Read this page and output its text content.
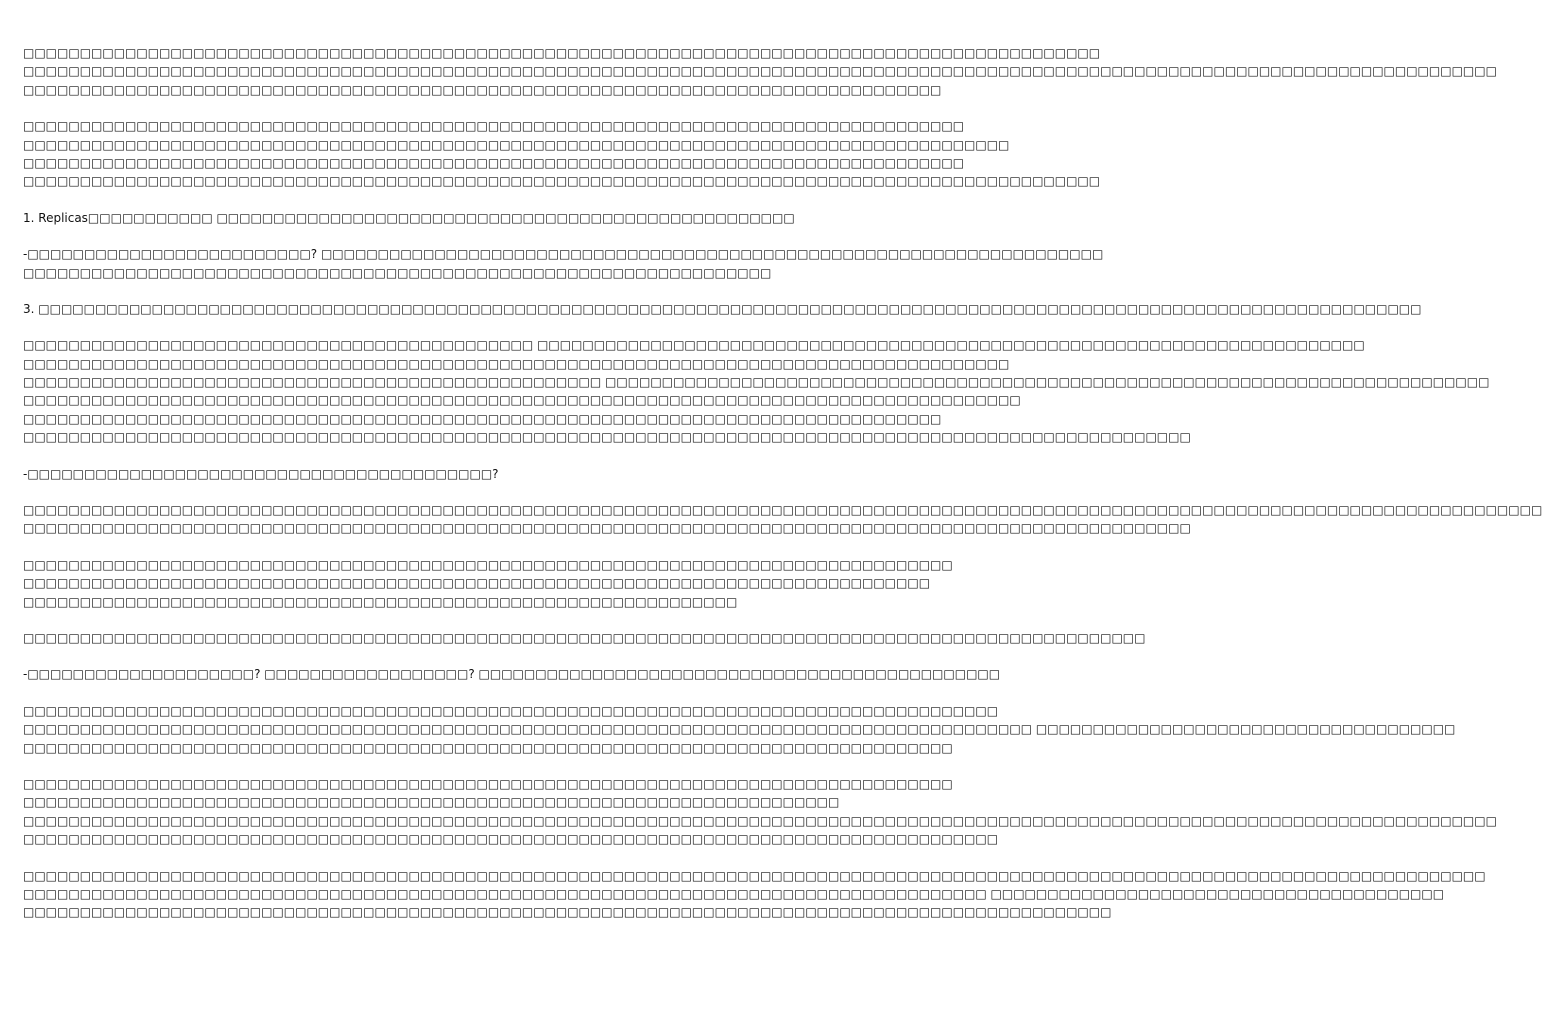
□□□□□□□□□□□□□□□□□□□□□□□□□□□□□□□□□□□□□□□□□□□□□□□□□□□□□□□□□□□□□□□□□□□□□□□□□□□□□□□□□□□□□□□□□□□□□□□
□□□□□□□□□□□□□□□□□□□□□□□□□□□□□□□□□□□□□□□□□□□□□□□□□□□□□□□□□□□□□□□□□□□□□□□□□□□□□□□□□□□□□□□□□□□□□□□□□□□□□□□□□□□□□□□□□□□□□□□□□□□□□□□□□□
□□□□□□□□□□□□□□□□□□□□□□□□□□□□□□□□□□□□□□□□□□□□□□□□□□□□□□□□□□□□□□□□□□□□□□□□□□□□□□□□□
□□□□□□□□□□□□□□□□□□□□□□□□□□□□□□□□□□□□□□□□□□□□□□□□□□□□□□□□□□□□□□□□□□□□□□□□□□□□□□□□□□□
□□□□□□□□□□□□□□□□□□□□□□□□□□□□□□□□□□□□□□□□□□□□□□□□□□□□□□□□□□□□□□□□□□□□□□□□□□□□□□□□□□□□□□□
□□□□□□□□□□□□□□□□□□□□□□□□□□□□□□□□□□□□□□□□□□□□□□□□□□□□□□□□□□□□□□□□□□□□□□□□□□□□□□□□□□□
□□□□□□□□□□□□□□□□□□□□□□□□□□□□□□□□□□□□□□□□□□□□□□□□□□□□□□□□□□□□□□□□□□□□□□□□□□□□□□□□□□□□□□□□□□□□□□□
1. Replicas□□□□□□□□□□□ □□□□□□□□□□□□□□□□□□□□□□□□□□□□□□□□□□□□□□□□□□□□□□□□□□□
-□□□□□□□□□□□□□□□□□□□□□□□□□? □□□□□□□□□□□□□□□□□□□□□□□□□□□□□□□□□□□□□□□□□□□□□□□□□□□□□□□□□□□□□□□□□□□□□
□□□□□□□□□□□□□□□□□□□□□□□□□□□□□□□□□□□□□□□□□□□□□□□□□□□□□□□□□□□□□□□□□□
3. □□□□□□□□□□□□□□□□□□□□□□□□□□□□□□□□□□□□□□□□□□□□□□□□□□□□□□□□□□□□□□□□□□□□□□□□□□□□□□□□□□□□□□□□□□□□□□□□□□□□□□□□□□□□□□□□□□□□□□□□□□
□□□□□□□□□□□□□□□□□□□□□□□□□□□□□□□□□□□□□□□□□□□□□ □□□□□□□□□□□□□□□□□□□□□□□□□□□□□□□□□□□□□□□□□□□□□□□□□□□□□□□□□□□□□□□□□□□□□□□□□
□□□□□□□□□□□□□□□□□□□□□□□□□□□□□□□□□□□□□□□□□□□□□□□□□□□□□□□□□□□□□□□□□□□□□□□□□□□□□□□□□□□□□□□
□□□□□□□□□□□□□□□□□□□□□□□□□□□□□□□□□□□□□□□□□□□□□□□□□□□ □□□□□□□□□□□□□□□□□□□□□□□□□□□□□□□□□□□□□□□□□□□□□□□□□□□□□□□□□□□□□□□□□□□□□□□□□□□□□□
□□□□□□□□□□□□□□□□□□□□□□□□□□□□□□□□□□□□□□□□□□□□□□□□□□□□□□□□□□□□□□□□□□□□□□□□□□□□□□□□□□□□□□□□
□□□□□□□□□□□□□□□□□□□□□□□□□□□□□□□□□□□□□□□□□□□□□□□□□□□□□□□□□□□□□□□□□□□□□□□□□□□□□□□□□
□□□□□□□□□□□□□□□□□□□□□□□□□□□□□□□□□□□□□□□□□□□□□□□□□□□□□□□□□□□□□□□□□□□□□□□□□□□□□□□□□□□□□□□□□□□□□□□□□□□□□□□
-□□□□□□□□□□□□□□□□□□□□□□□□□□□□□□□□□□□□□□□□□?
□□□□□□□□□□□□□□□□□□□□□□□□□□□□□□□□□□□□□□□□□□□□□□□□□□□□□□□□□□□□□□□□□□□□□□□□□□□□□□□□□□□□□□□□□□□□□□□□□□□□□□□□□□□□□□□□□□□□□□□□□□□□□□□□□□□□□□
□□□□□□□□□□□□□□□□□□□□□□□□□□□□□□□□□□□□□□□□□□□□□□□□□□□□□□□□□□□□□□□□□□□□□□□□□□□□□□□□□□□□□□□□□□□□□□□□□□□□□□□
□□□□□□□□□□□□□□□□□□□□□□□□□□□□□□□□□□□□□□□□□□□□□□□□□□□□□□□□□□□□□□□□□□□□□□□□□□□□□□□□□□
□□□□□□□□□□□□□□□□□□□□□□□□□□□□□□□□□□□□□□□□□□□□□□□□□□□□□□□□□□□□□□□□□□□□□□□□□□□□□□□□
□□□□□□□□□□□□□□□□□□□□□□□□□□□□□□□□□□□□□□□□□□□□□□□□□□□□□□□□□□□□□□□
□□□□□□□□□□□□□□□□□□□□□□□□□□□□□□□□□□□□□□□□□□□□□□□□□□□□□□□□□□□□□□□□□□□□□□□□□□□□□□□□□□□□□□□□□□□□□□□□□□□
-□□□□□□□□□□□□□□□□□□□□? □□□□□□□□□□□□□□□□□□? □□□□□□□□□□□□□□□□□□□□□□□□□□□□□□□□□□□□□□□□□□□□□□
□□□□□□□□□□□□□□□□□□□□□□□□□□□□□□□□□□□□□□□□□□□□□□□□□□□□□□□□□□□□□□□□□□□□□□□□□□□□□□□□□□□□□□
□□□□□□□□□□□□□□□□□□□□□□□□□□□□□□□□□□□□□□□□□□□□□□□□□□□□□□□□□□□□□□□□□□□□□□□□□□□□□□□□□□□□□□□□□ □□□□□□□□□□□□□□□□□□□□□□□□□□□□□□□□□□□□□
□□□□□□□□□□□□□□□□□□□□□□□□□□□□□□□□□□□□□□□□□□□□□□□□□□□□□□□□□□□□□□□□□□□□□□□□□□□□□□□□□□
□□□□□□□□□□□□□□□□□□□□□□□□□□□□□□□□□□□□□□□□□□□□□□□□□□□□□□□□□□□□□□□□□□□□□□□□□□□□□□□□□□
□□□□□□□□□□□□□□□□□□□□□□□□□□□□□□□□□□□□□□□□□□□□□□□□□□□□□□□□□□□□□□□□□□□□□□□□
□□□□□□□□□□□□□□□□□□□□□□□□□□□□□□□□□□□□□□□□□□□□□□□□□□□□□□□□□□□□□□□□□□□□□□□□□□□□□□□□□□□□□□□□□□□□□□□□□□□□□□□□□□□□□□□□□□□□□□□□□□□□□□□□□□
□□□□□□□□□□□□□□□□□□□□□□□□□□□□□□□□□□□□□□□□□□□□□□□□□□□□□□□□□□□□□□□□□□□□□□□□□□□□□□□□□□□□□□
□□□□□□□□□□□□□□□□□□□□□□□□□□□□□□□□□□□□□□□□□□□□□□□□□□□□□□□□□□□□□□□□□□□□□□□□□□□□□□□□□□□□□□□□□□□□□□□□□□□□□□□□□□□□□□□□□□□□□□□□□□□□□□□□□
□□□□□□□□□□□□□□□□□□□□□□□□□□□□□□□□□□□□□□□□□□□□□□□□□□□□□□□□□□□□□□□□□□□□□□□□□□□□□□□□□□□□□ □□□□□□□□□□□□□□□□□□□□□□□□□□□□□□□□□□□□□□□□
□□□□□□□□□□□□□□□□□□□□□□□□□□□□□□□□□□□□□□□□□□□□□□□□□□□□□□□□□□□□□□□□□□□□□□□□□□□□□□□□□□□□□□□□□□□□□□□□
